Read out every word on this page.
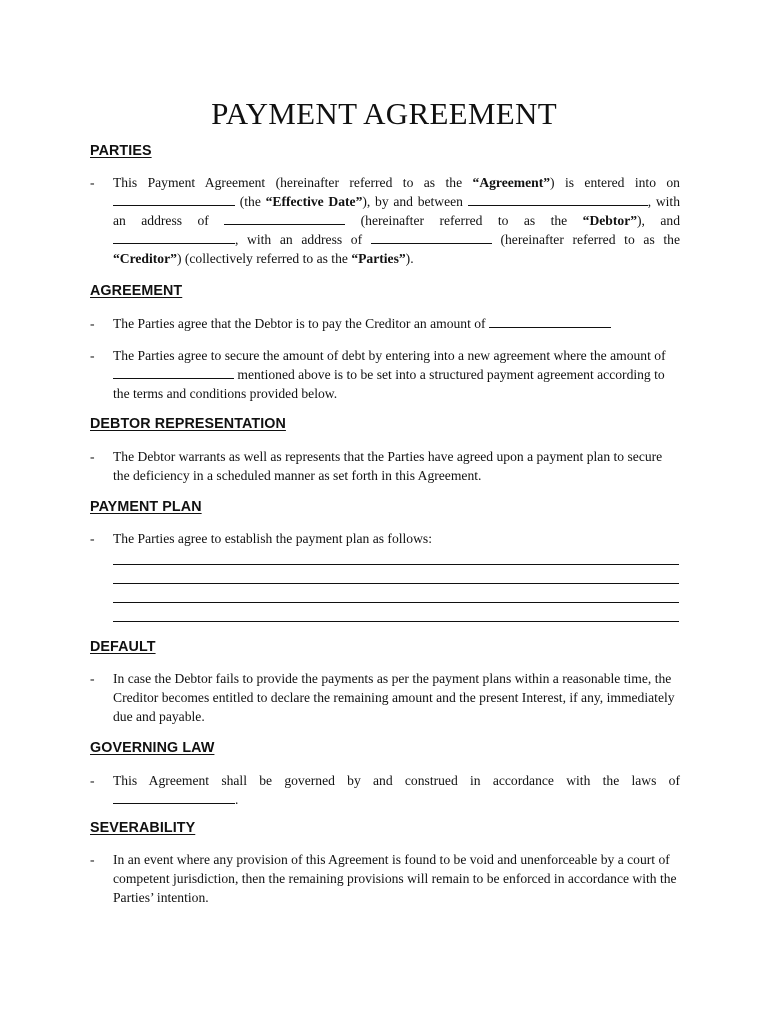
PAYMENT AGREEMENT
PARTIES
- This Payment Agreement (hereinafter referred to as the “Agreement”) is entered into on  (the “Effective Date”), by and between	, with an address of	(hereinafter referred to as the “Debtor”), and , with an address of	(hereinafter referred to as the “Creditor”) (collectively referred to as the “Parties”).
AGREEMENT
- The Parties agree that the Debtor is to pay the Creditor an amount of
- The Parties agree to secure the amount of debt by entering into a new agreement where the amount of  mentioned above is to be set into a structured payment agreement according to the terms and conditions provided below.
DEBTOR REPRESENTATION
- The Debtor warrants as well as represents that the Parties have agreed upon a payment plan to secure the deficiency in a scheduled manner as set forth in this Agreement.
PAYMENT PLAN
- The Parties agree to establish the payment plan as follows:
DEFAULT
- In case the Debtor fails to provide the payments as per the payment plans within a reasonable time, the Creditor becomes entitled to declare the remaining amount and the present Interest, if any, immediately due and payable.
GOVERNING LAW
- This Agreement shall be governed by and construed in accordance with the laws of .
SEVERABILITY
- In an event where any provision of this Agreement is found to be void and unenforceable by a court of competent jurisdiction, then the remaining provisions will remain to be enforced in accordance with the Parties’ intention.
